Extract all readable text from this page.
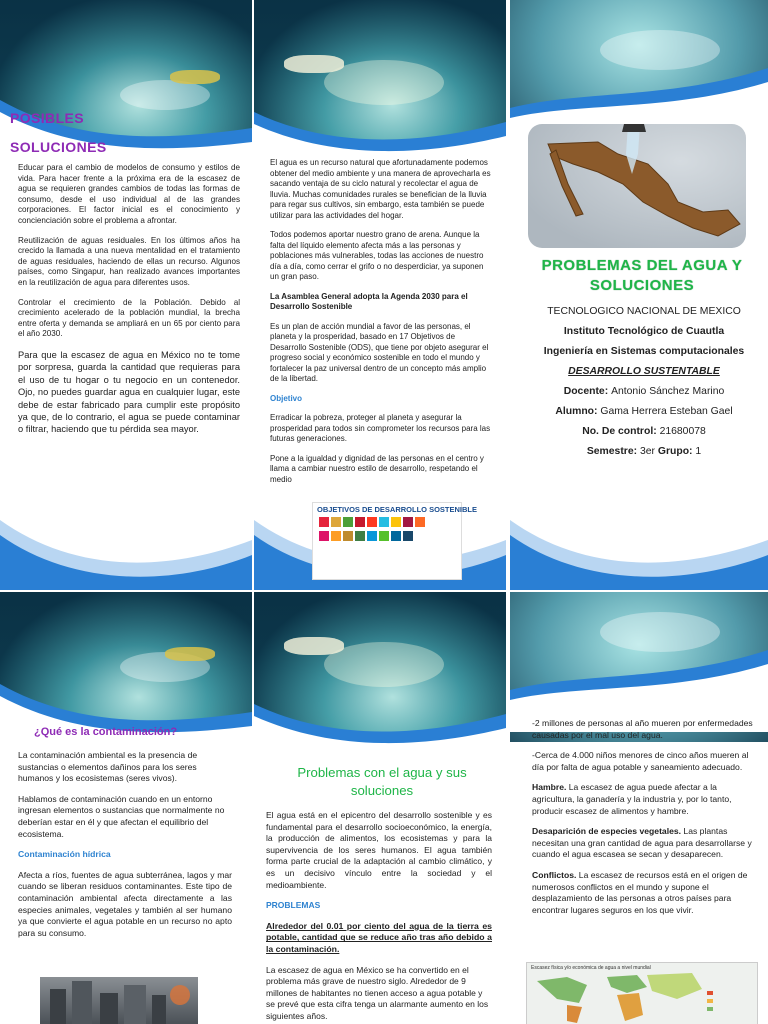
POSIBLES
SOLUCIONES

Educar para el cambio de modelos de consumo y estilos de vida. Para hacer frente a la próxima era de la escasez de agua se requieren grandes cambios de todas las formas de consumo, desde el uso individual al de las grandes corporaciones. El factor inicial es el conocimiento y concienciación sobre el problema a afrontar.

Reutilización de aguas residuales. En los últimos años ha crecido la llamada a una nueva mentalidad en el tratamiento de aguas residuales, haciendo de ellas un recurso. Algunos países, como Singapur, han realizado avances importantes en la reutilización de agua para diferentes usos.

Controlar el crecimiento de la Población. Debido al crecimiento acelerado de la población mundial, la brecha entre oferta y demanda se ampliará en un 65 por ciento para el año 2030.

Para que la escasez de agua en México no te tome por sorpresa, guarda la cantidad que requieras para el uso de tu hogar o tu negocio en un contenedor. Ojo, no puedes guardar agua en cualquier lugar, este debe de estar fabricado para cumplir este propósito ya que, de lo contrario, el agua se puede contaminar o filtrar, haciendo que tu pérdida sea mayor.

El agua es un recurso natural que afortunadamente podemos obtener del medio ambiente y una manera de aprovecharla es sacando ventaja de su ciclo natural y recolectar el agua de lluvia. Muchas comunidades rurales se benefician de la lluvia para regar sus cultivos, sin embargo, esta también se puede utilizar para las actividades del hogar.

Todos podemos aportar nuestro grano de arena. Aunque la falta del líquido elemento afecta más a las personas y poblaciones más vulnerables, todas las acciones de nuestro día a día, como cerrar el grifo o no desperdiciar, ya suponen un gran paso.

La Asamblea General adopta la Agenda 2030 para el Desarrollo Sostenible

Es un plan de acción mundial a favor de las personas, el planeta y la prosperidad, basado en 17 Objetivos de Desarrollo Sostenible (ODS), que tiene por objeto asegurar el progreso social y económico sostenible en todo el mundo y fortalecer la paz universal dentro de un concepto más amplio de la libertad.

Objetivo

Erradicar la pobreza, proteger al planeta y asegurar la prosperidad para todos sin comprometer los recursos para las futuras generaciones.

Pone a la igualdad y dignidad de las personas en el centro y llama a cambiar nuestro estilo de desarrollo, respetando el medio

OBJETIVOS DE DESARROLLO SOSTENIBLE
PROBLEMAS DEL AGUA Y
SOLUCIONES
TECNOLOGICO NACIONAL DE MEXICO
Instituto Tecnológico de Cuautla
Ingeniería en Sistemas computacionales
DESARROLLO SUSTENTABLE
Docente: Antonio Sánchez Marino
Alumno: Gama Herrera Esteban Gael
No. De control: 21680078
Semestre: 3er Grupo: 1
¿Qué es la contaminación?

La contaminación ambiental es la presencia de sustancias o elementos dañinos para los seres humanos y los ecosistemas (seres vivos).

Hablamos de contaminación cuando en un entorno ingresan elementos o sustancias que normalmente no deberían estar en él y que afectan el equilibrio del ecosistema.

Contaminación hídrica

Afecta a ríos, fuentes de agua subterránea, lagos y mar cuando se liberan residuos contaminantes. Este tipo de contaminación ambiental afecta directamente a las especies animales, vegetales y también al ser humano ya que convierte el agua potable en un recurso no apto para su consumo.

Problemas con el agua y sus soluciones

El agua está en el epicentro del desarrollo sostenible y es fundamental para el desarrollo socioeconómico, la energía, la producción de alimentos, los ecosistemas y para la supervivencia de los seres humanos. El agua también forma parte crucial de la adaptación al cambio climático, y es un decisivo vínculo entre la sociedad y el medioambiente.

PROBLEMAS

Alrededor del 0.01 por ciento del agua de la tierra es potable, cantidad que se reduce año tras año debido a la contaminación.

La escasez de agua en México se ha convertido en el problema más grave de nuestro siglo. Alrededor de 9 millones de habitantes no tienen acceso a agua potable y se prevé que esta cifra tenga un alarmante aumento en los siguientes años.

-2 millones de personas al año mueren por enfermedades causadas por el mal uso del agua.

-Cerca de 4.000 niños menores de cinco años mueren al día por falta de agua potable y saneamiento adecuado.

Hambre. La escasez de agua puede afectar a la agricultura, la ganadería y la industria y, por lo tanto, producir escasez de alimentos y hambre.

Desaparición de especies vegetales. Las plantas necesitan una gran cantidad de agua para desarrollarse y cuando el agua escasea se secan y desaparecen.

Conflictos. La escasez de recursos está en el origen de numerosos conflictos en el mundo y supone el desplazamiento de las personas a otros países para encontrar lugares seguros en los que vivir.

Escasez física y/o económica de agua a nivel mundial
